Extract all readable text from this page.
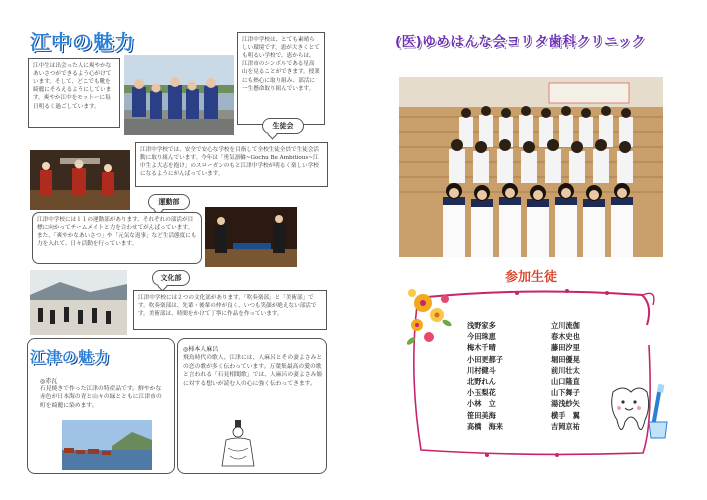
江中の魅力
江中生は出会った人に爽やかなあいさつができるよう心がけています。そして、どこでも靴を綺麗にそろえるようにしています。爽やか江中をモットーに毎日明るく過ごしています。
江津中学校は、とても素晴らしい環境です。恵が大きくとても明るい学校で、恵からは、江津市のシンボルである星高山を見ることができます。授業にも熱心に取り組み、部活に一生懸命取り組んでいます。
生徒会
江津中学校では、安全で安心な学校を目指して全校生徒全員で生徒会活動に取り組んでいます。今年は「勇気凛輪~Gochu Be Ambitious~江中生よ大志を抱け」のスローガンのもと江津中学校が明るく楽しい学校になるようにがんばっています。
運動部
江津中学校には１１の運動部があります。それぞれの部活が目標に向かってチームメイトと力を合わせてがんばっています。また、「爽やかなあいさつ」や「元気な返事」など生活態度にも力を入れて、日々活動を行っています。
文化部
江津中学校には２つの文化部があります。「吹奏楽部」と「美術部」です。吹奏楽部は、先輩・後輩の仲が良く、いつも笑顔が絶えない部活です。美術部は、時間をかけて丁寧に作品を作っています。
江津の魅力
◎赤瓦
石見焼きで作った江津の特産品です。鮮やかな赤色が日本海の青と山々の緑とともに江津市の町を綺麗に染めます。
◎柿本人麻呂
飛鳥時代の歌人、江津には、人麻呂とその妻よさみとの恋の歌が多く伝わっています。万葉集最高の愛の歌と言われる「石見相聞歌」では、人麻呂の妻よさみ姫に対する想いが読む人の心に強く伝わってきます。
(医)ゆめはんな会ヨリタ歯科クリニック
参加生徒
浅野家多
今田珠恵
梅木千晴
小田更都子
川村健斗
北野れん
小玉梨花
小林　立
笹田美海
高橋　海来
立川流伽
春木史也
藤田汐里
堀田優晃
前川壮太
山口隆直
山下舞子
湯浅紗矢
横手　翼
吉岡京祐
